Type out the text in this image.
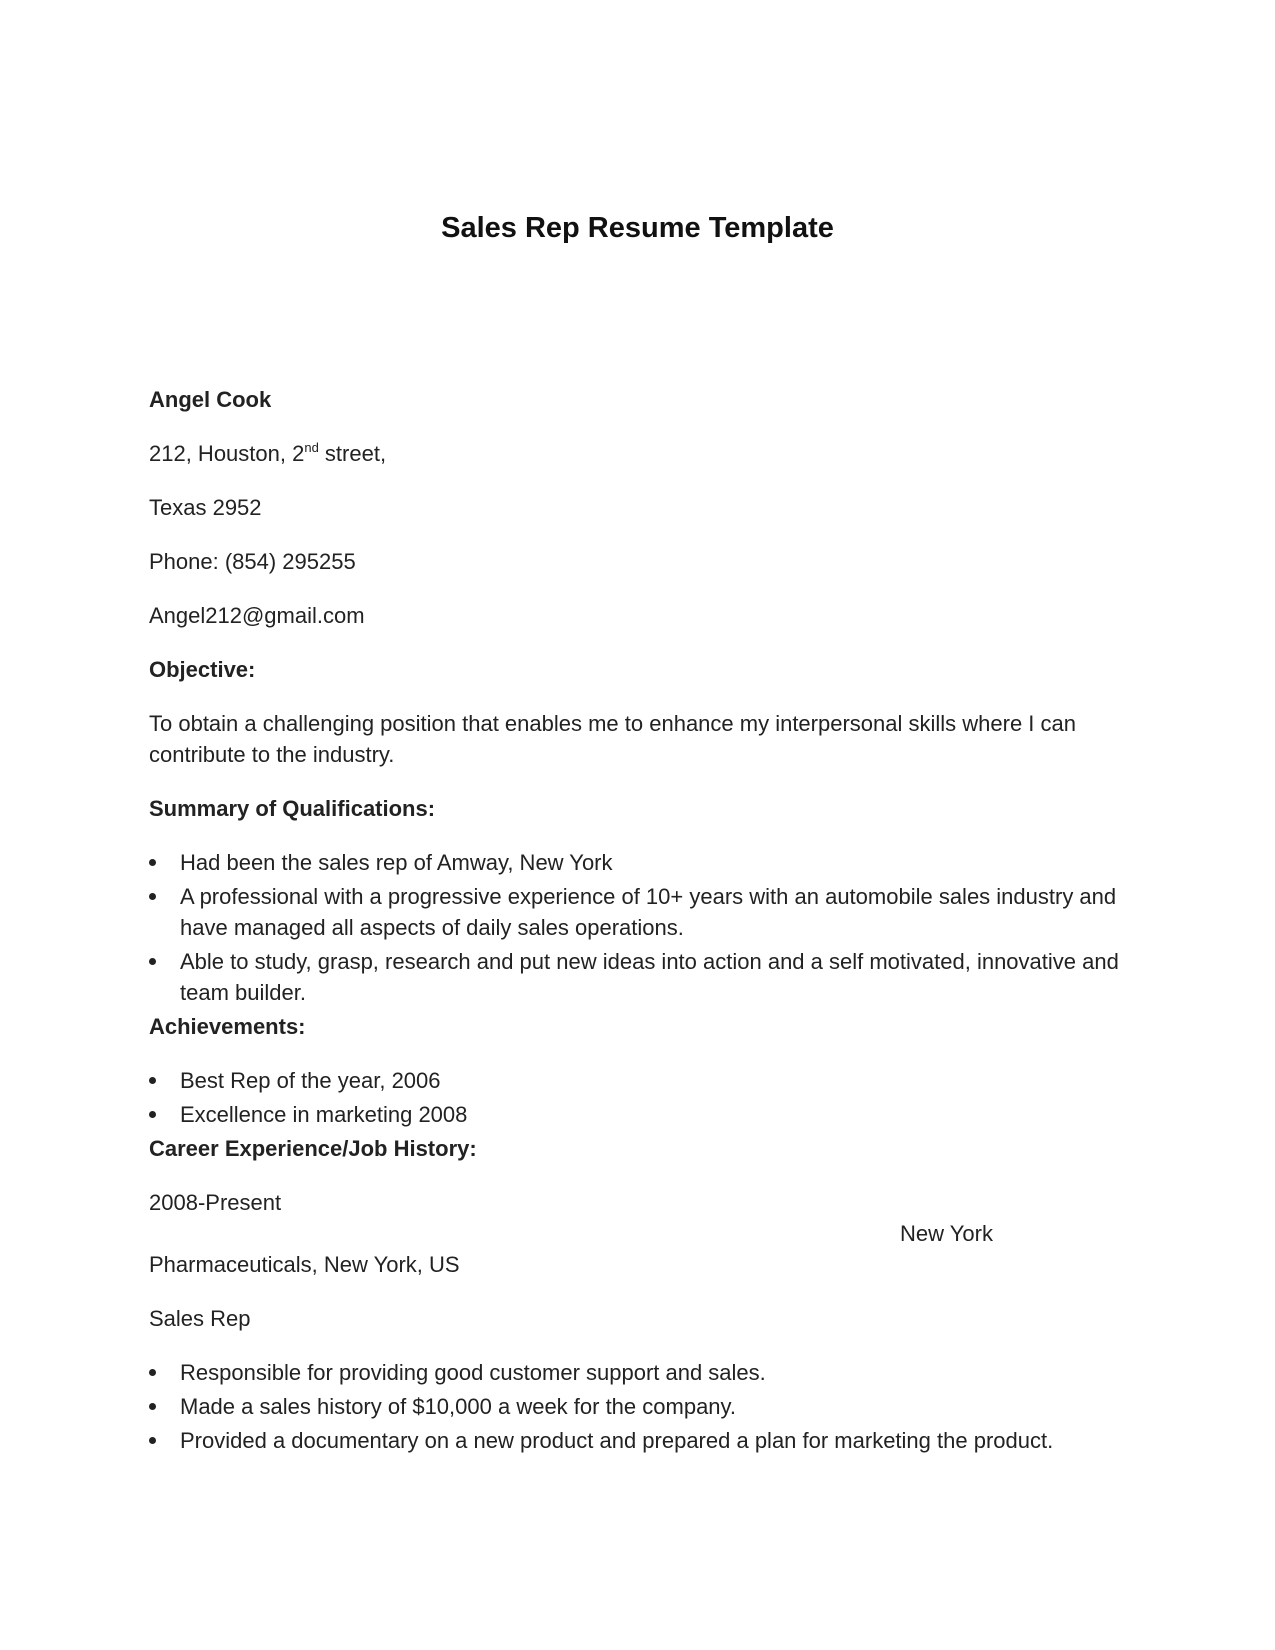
Sales Rep Resume Template
Angel Cook
212, Houston, 2nd street,
Texas 2952
Phone: (854) 295255
Angel212@gmail.com
Objective:
To obtain a challenging position that enables me to enhance my interpersonal skills where I can contribute to the industry.
Summary of Qualifications:
Had been the sales rep of Amway, New York
A professional with a progressive experience of 10+ years with an automobile sales industry and have managed all aspects of daily sales operations.
Able to study, grasp, research and put new ideas into action and a self motivated, innovative and team builder.
Achievements:
Best Rep of the year, 2006
Excellence in marketing 2008
Career Experience/Job History:
2008-Present
New York
Pharmaceuticals, New York, US
Sales Rep
Responsible for providing good customer support and sales.
Made a sales history of $10,000 a week for the company.
Provided a documentary on a new product and prepared a plan for marketing the product.
